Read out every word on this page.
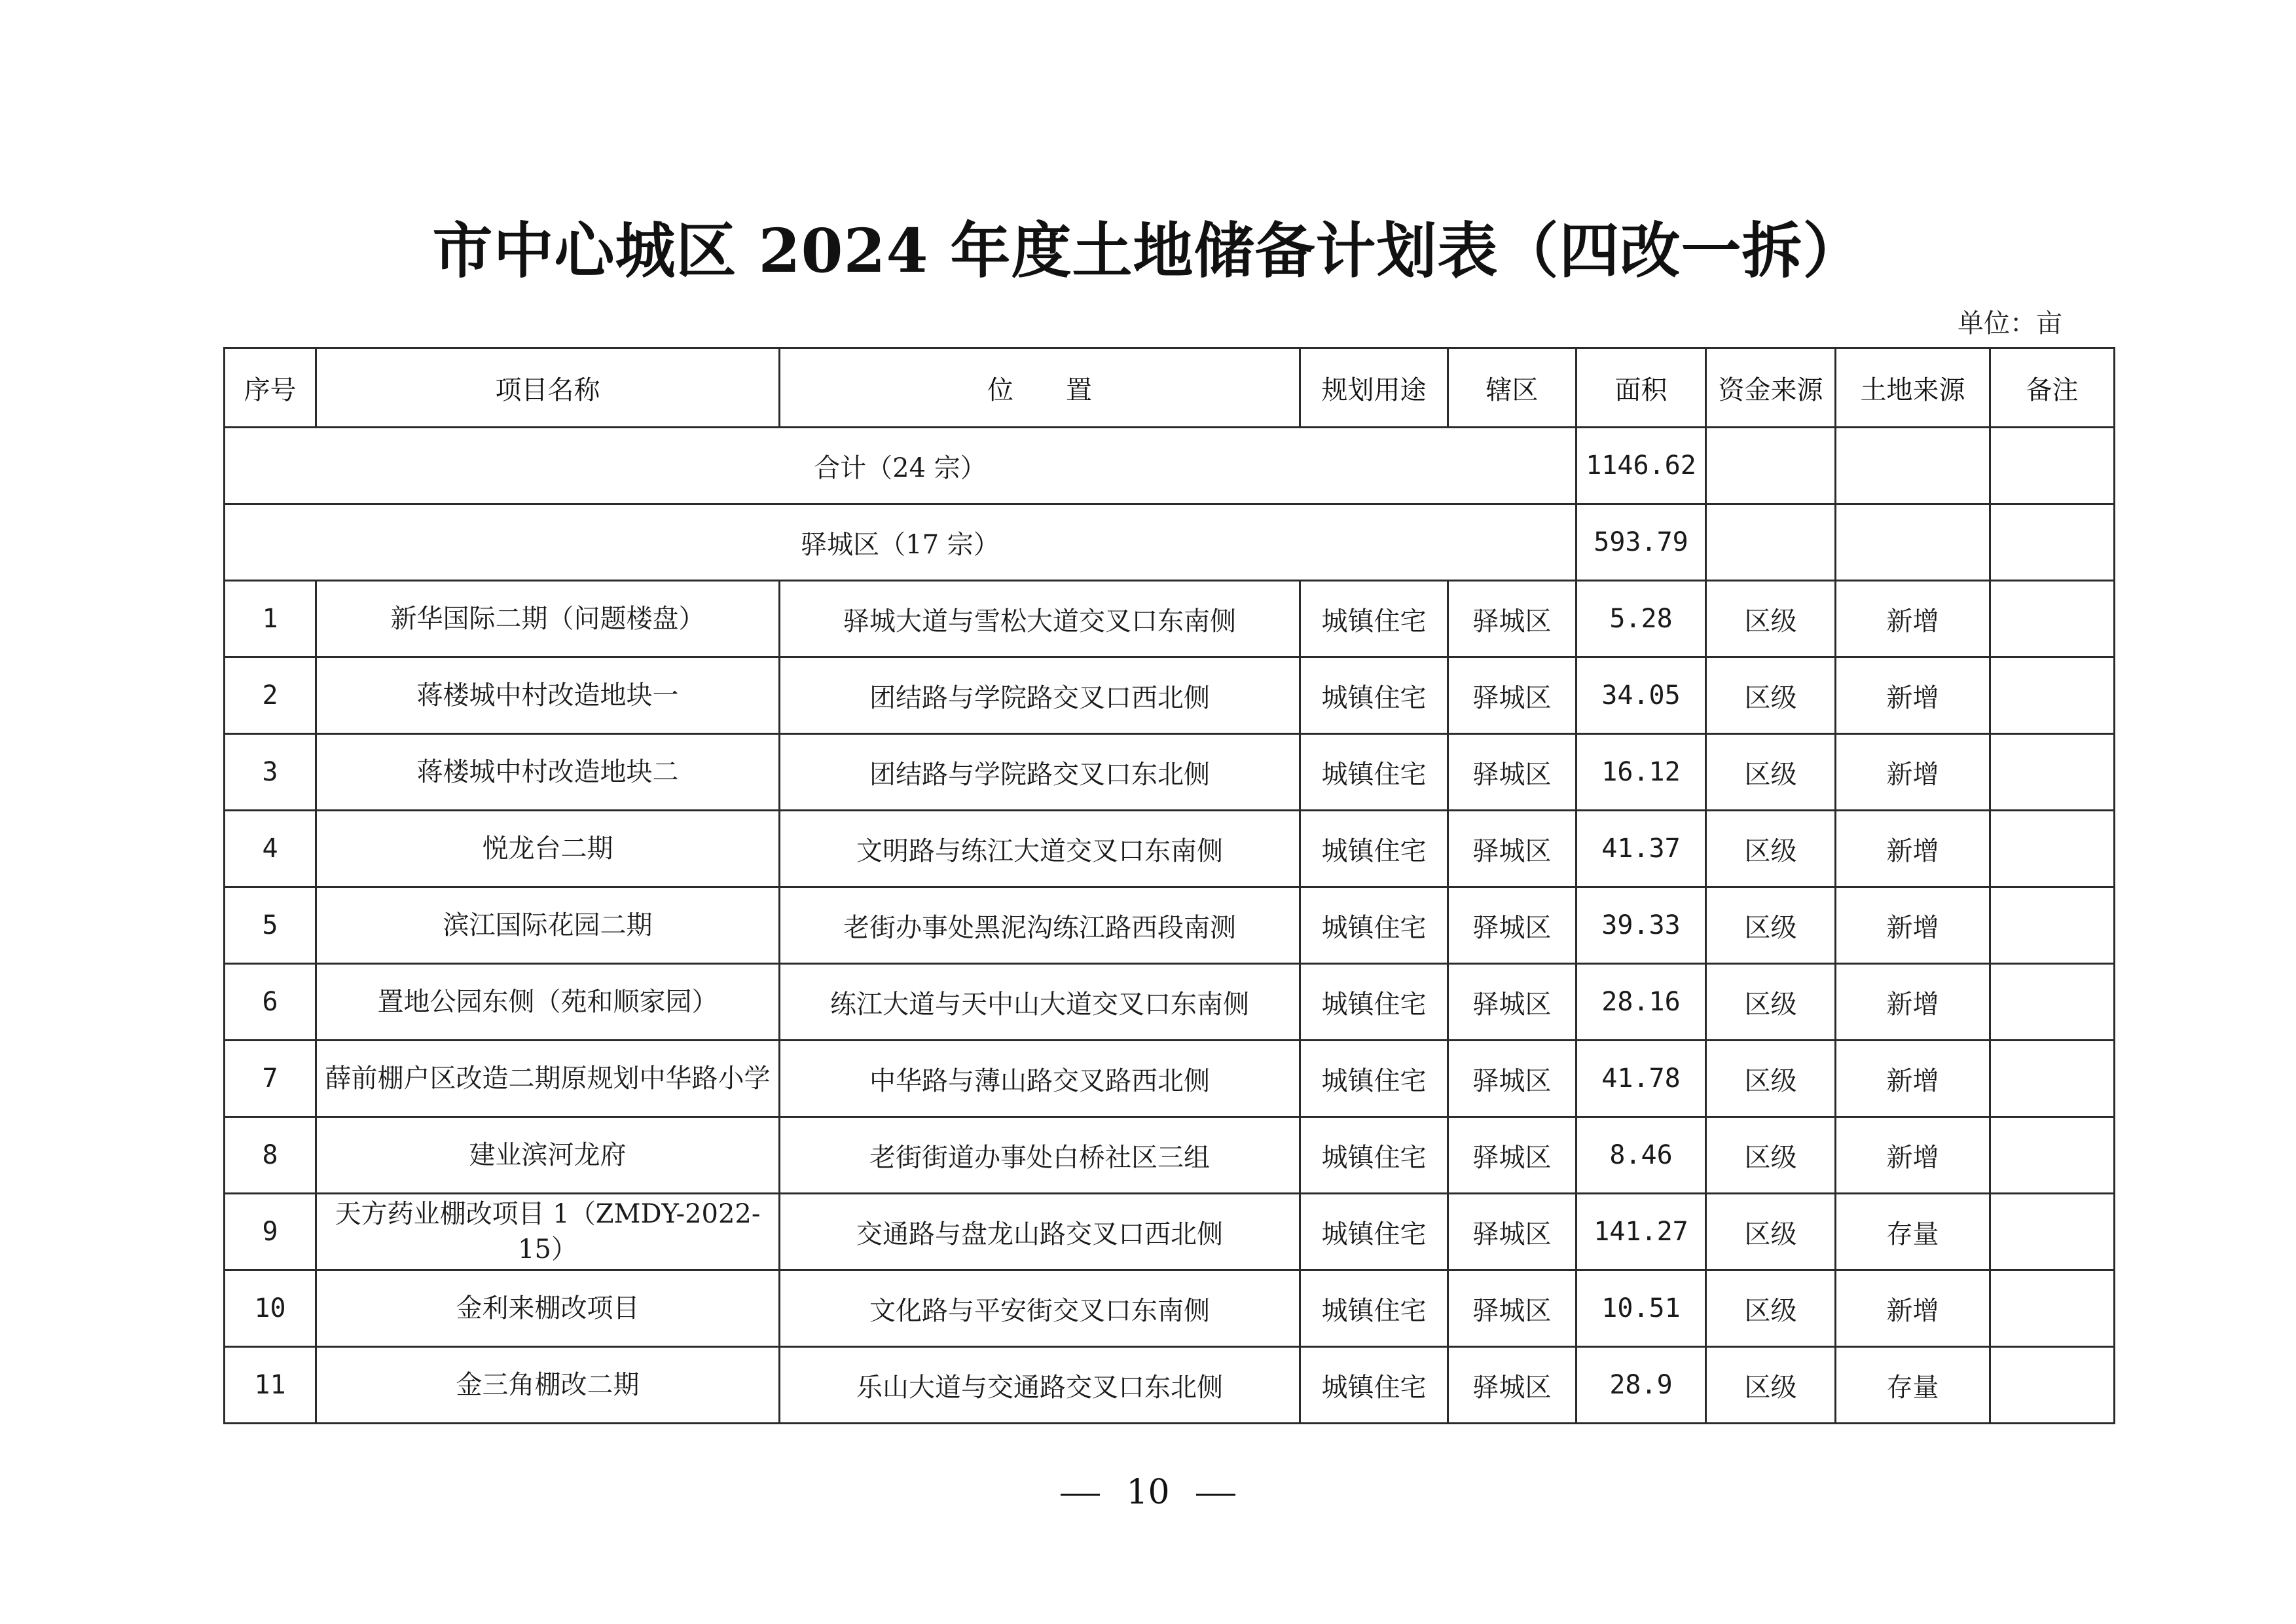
市中心城区 2024 年度土地储备计划表（四改一拆）
单位：亩
序号	项目名称	位　　置	规划用途	辖区	面积	资金来源	土地来源	备注
合计（24 宗）					1146.62			
驿城区（17 宗）					593.79			
1	新华国际二期（问题楼盘）	驿城大道与雪松大道交叉口东南侧	城镇住宅	驿城区	5.28	区级	新增	
2	蒋楼城中村改造地块一	团结路与学院路交叉口西北侧	城镇住宅	驿城区	34.05	区级	新增	
3	蒋楼城中村改造地块二	团结路与学院路交叉口东北侧	城镇住宅	驿城区	16.12	区级	新增	
4	悦龙台二期	文明路与练江大道交叉口东南侧	城镇住宅	驿城区	41.37	区级	新增	
5	滨江国际花园二期	老街办事处黑泥沟练江路西段南测	城镇住宅	驿城区	39.33	区级	新增	
6	置地公园东侧（苑和顺家园）	练江大道与天中山大道交叉口东南侧	城镇住宅	驿城区	28.16	区级	新增	
7	薛前棚户区改造二期原规划中华路小学	中华路与薄山路交叉路西北侧	城镇住宅	驿城区	41.78	区级	新增	
8	建业滨河龙府	老街街道办事处白桥社区三组	城镇住宅	驿城区	8.46	区级	新增	
9	天方药业棚改项目 1（ZMDY-2022-15）	交通路与盘龙山路交叉口西北侧	城镇住宅	驿城区	141.27	区级	存量	
10	金利来棚改项目	文化路与平安街交叉口东南侧	城镇住宅	驿城区	10.51	区级	新增	
11	金三角棚改二期	乐山大道与交通路交叉口东北侧	城镇住宅	驿城区	28.9	区级	存量	
10
